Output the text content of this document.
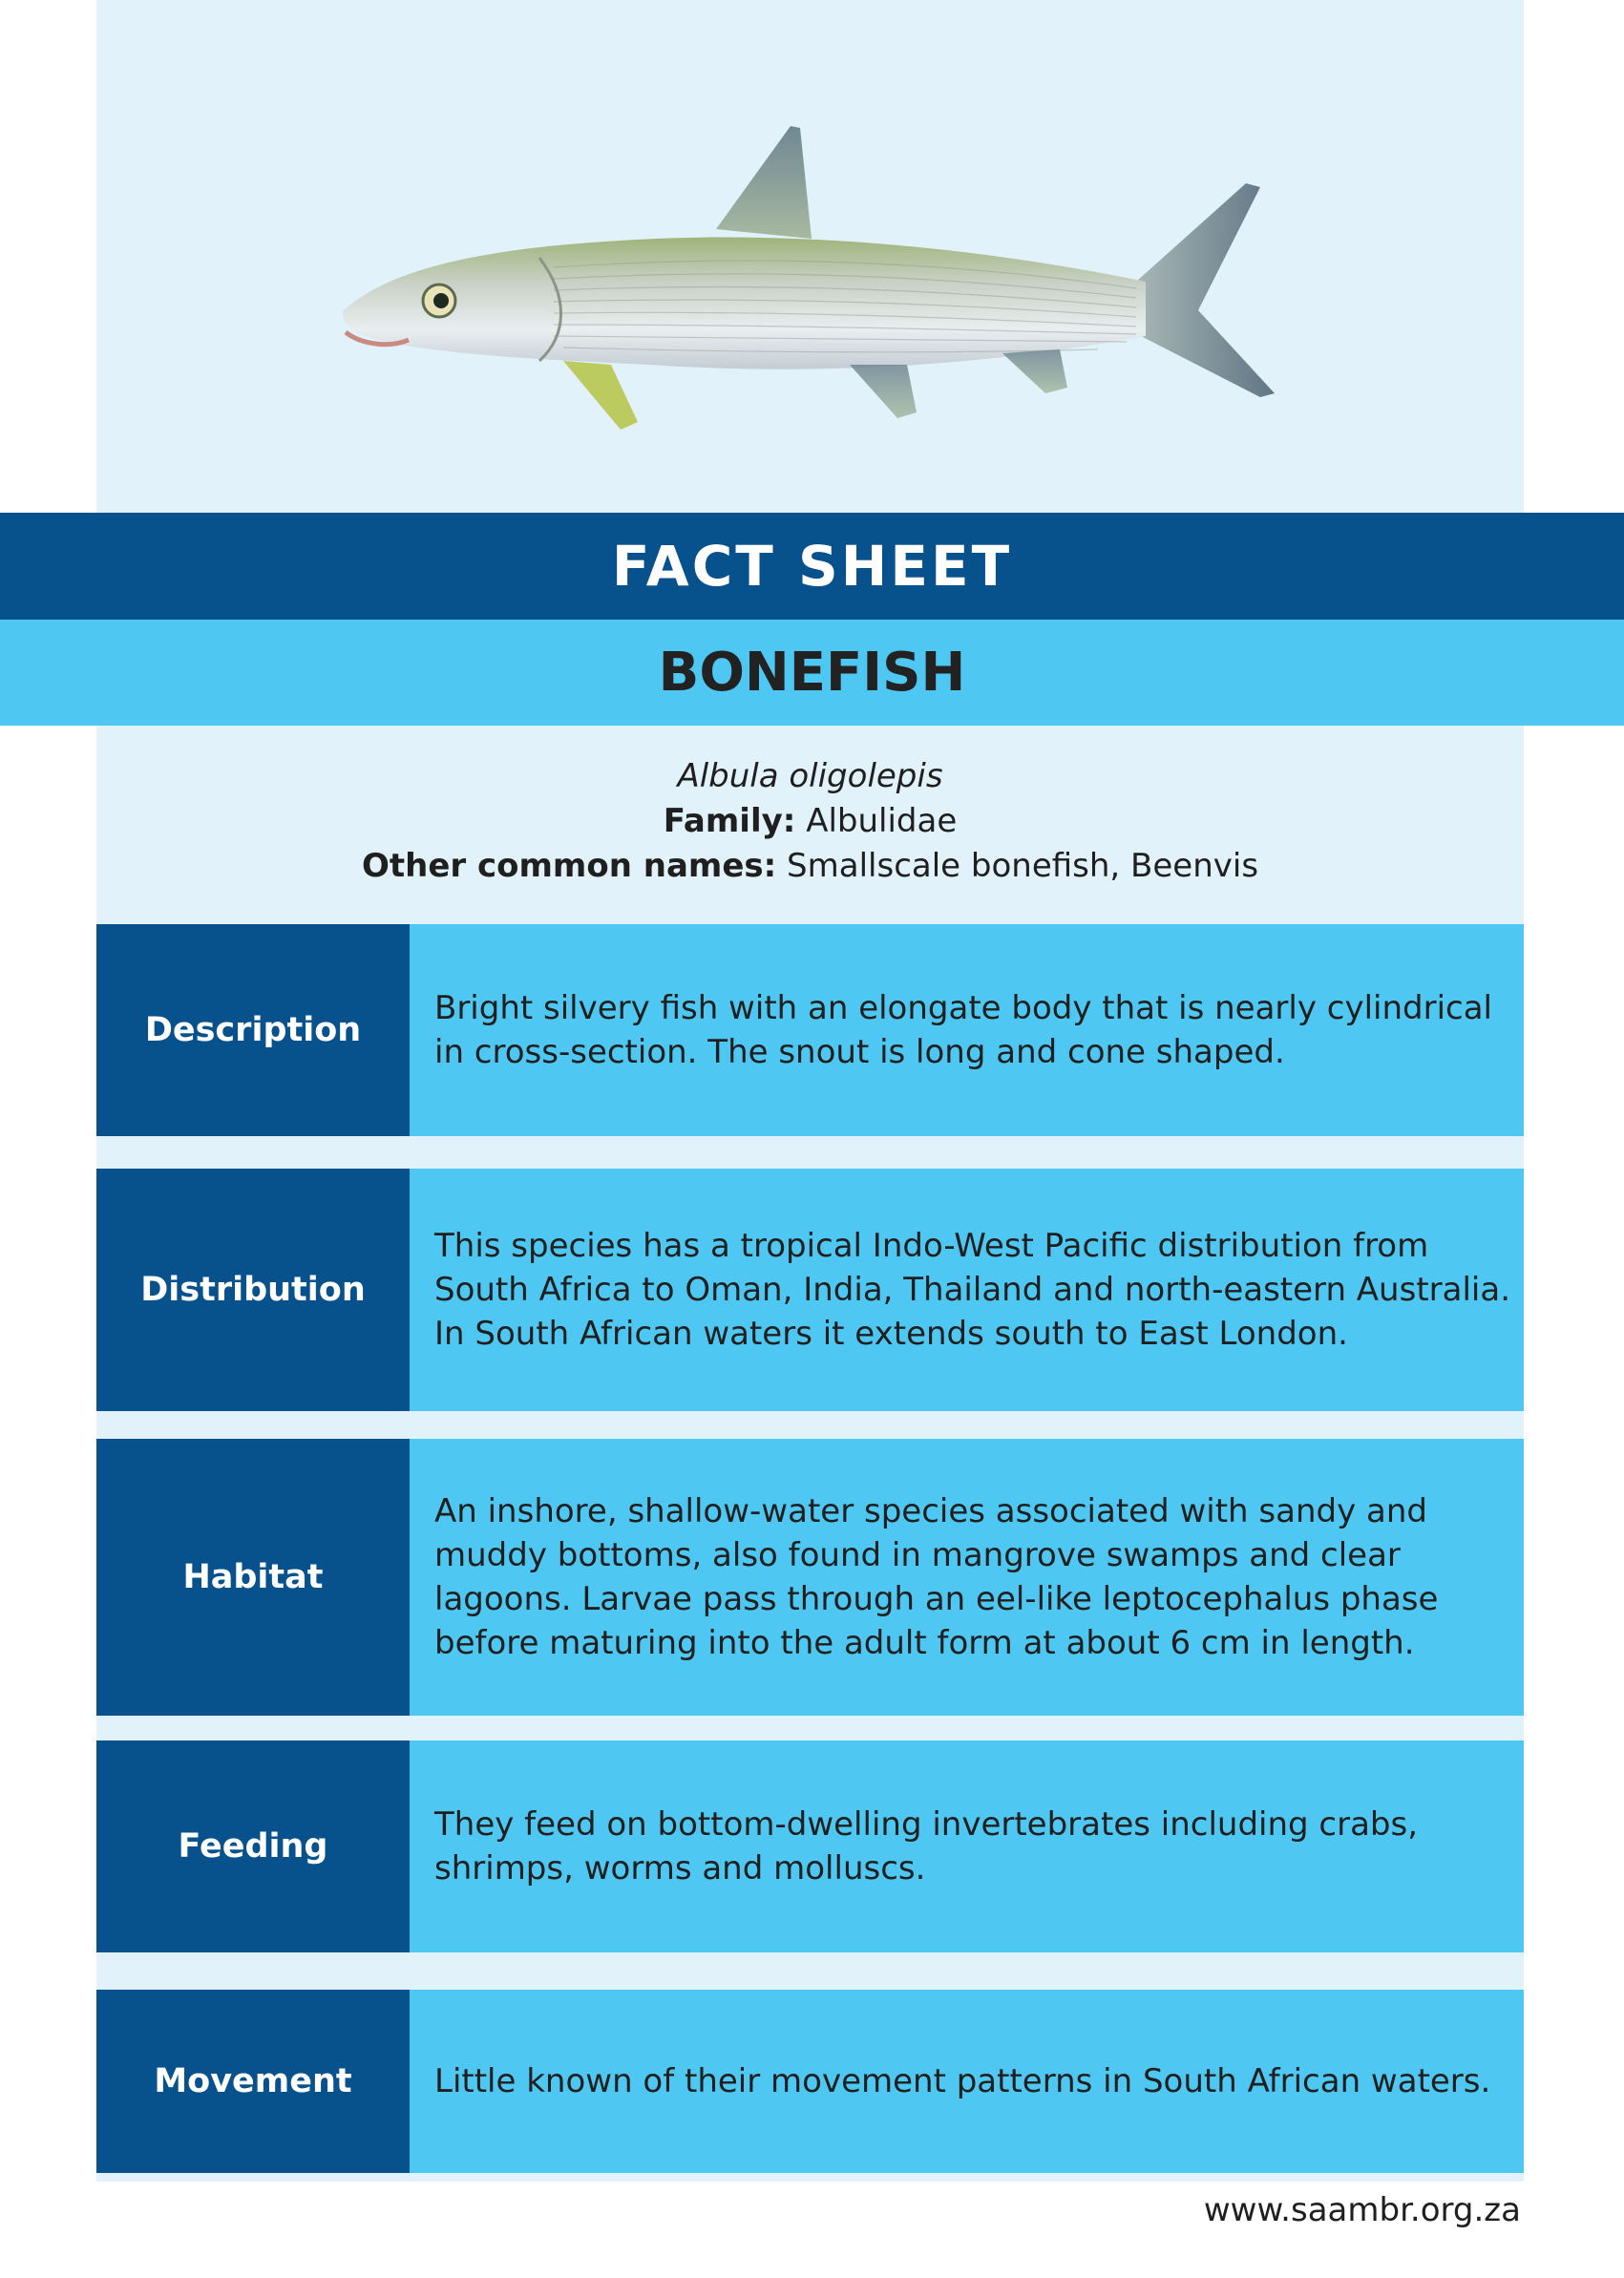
FACT SHEET
BONEFISH
Albula oligolepis
Family: Albulidae
Other common names: Smallscale bonefish, Beenvis
Description
Bright silvery fish with an elongate body that is nearly cylindrical in cross-section. The snout is long and cone shaped.
Distribution
This species has a tropical Indo-West Pacific distribution from South Africa to Oman, India, Thailand and north-eastern Australia. In South African waters it extends south to East London.
Habitat
An inshore, shallow-water species associated with sandy and muddy bottoms, also found in mangrove swamps and clear lagoons. Larvae pass through an eel-like leptocephalus phase before maturing into the adult form at about 6 cm in length.
Feeding
They feed on bottom-dwelling invertebrates including crabs, shrimps, worms and molluscs.
Movement	Little known of their movement patterns in South African waters.
www.saambr.org.za
